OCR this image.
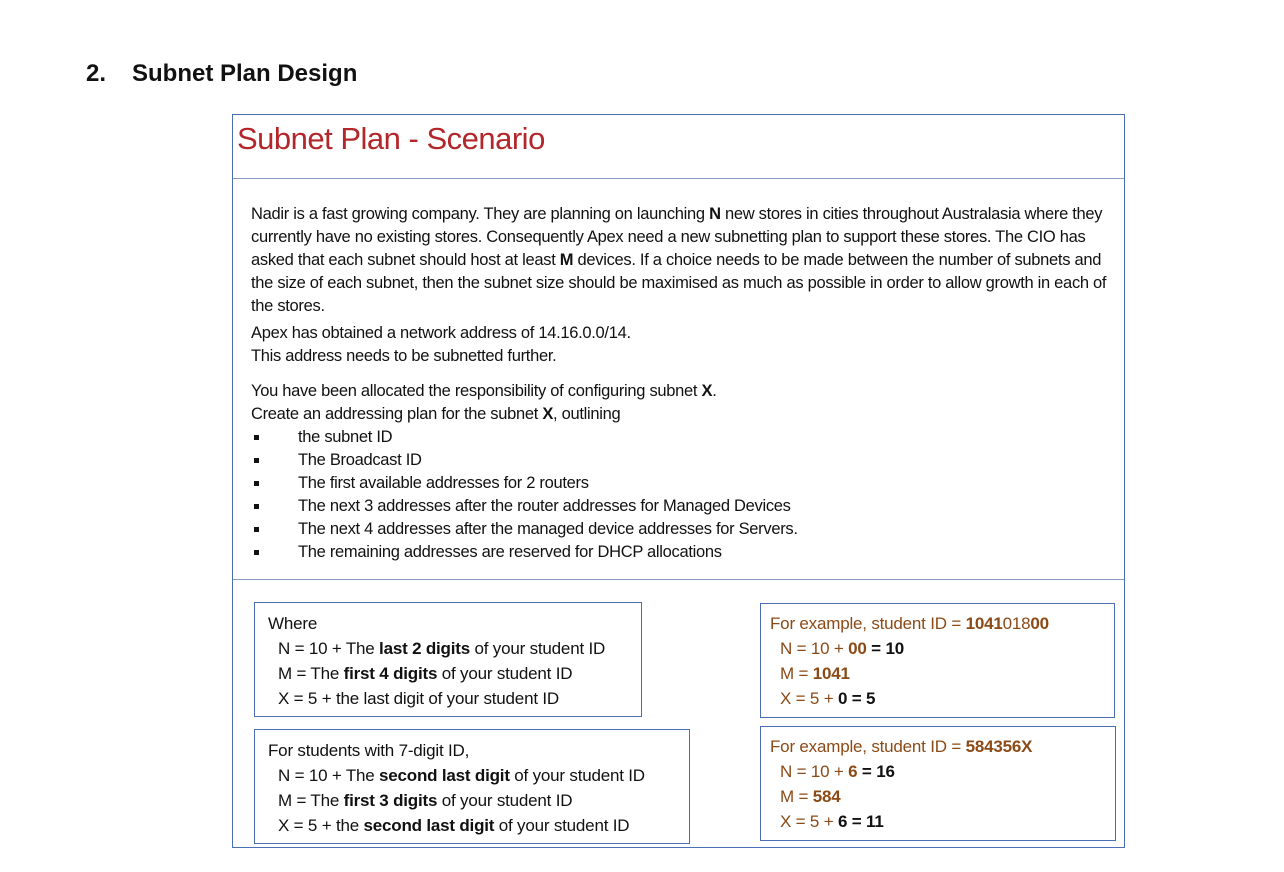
2. Subnet Plan Design
Subnet Plan - Scenario

Nadir is a fast growing company. They are planning on launching N new stores in cities throughout Australasia where they currently have no existing stores. Consequently Apex need a new subnetting plan to support these stores. The CIO has asked that each subnet should host at least M devices. If a choice needs to be made between the number of subnets and the size of each subnet, then the subnet size should be maximised as much as possible in order to allow growth in each of the stores.

Apex has obtained a network address of 14.16.0.0/14.

This address needs to be subnetted further.

You have been allocated the responsibility of configuring subnet X.

Create an addressing plan for the subnet X, outlining

the subnet ID
The Broadcast ID
The first available addresses for 2 routers
The next 3 addresses after the router addresses for Managed Devices
The next 4 addresses after the managed device addresses for Servers.
The remaining addresses are reserved for DHCP allocations
Where
N = 10 + The last 2 digits of your student ID
M = The first 4 digits of your student ID
X = 5 + the last digit of your student ID
For students with 7-digit ID,
N = 10 + The second last digit of your student ID
M = The first 3 digits of your student ID
X = 5 + the second last digit of your student ID
For example, student ID = 104101800
N = 10 + 00 = 10
M = 1041
X = 5 + 0 = 5
For example, student ID = 584356X
N = 10 + 6 = 16
M = 584
X = 5 + 6 = 11
